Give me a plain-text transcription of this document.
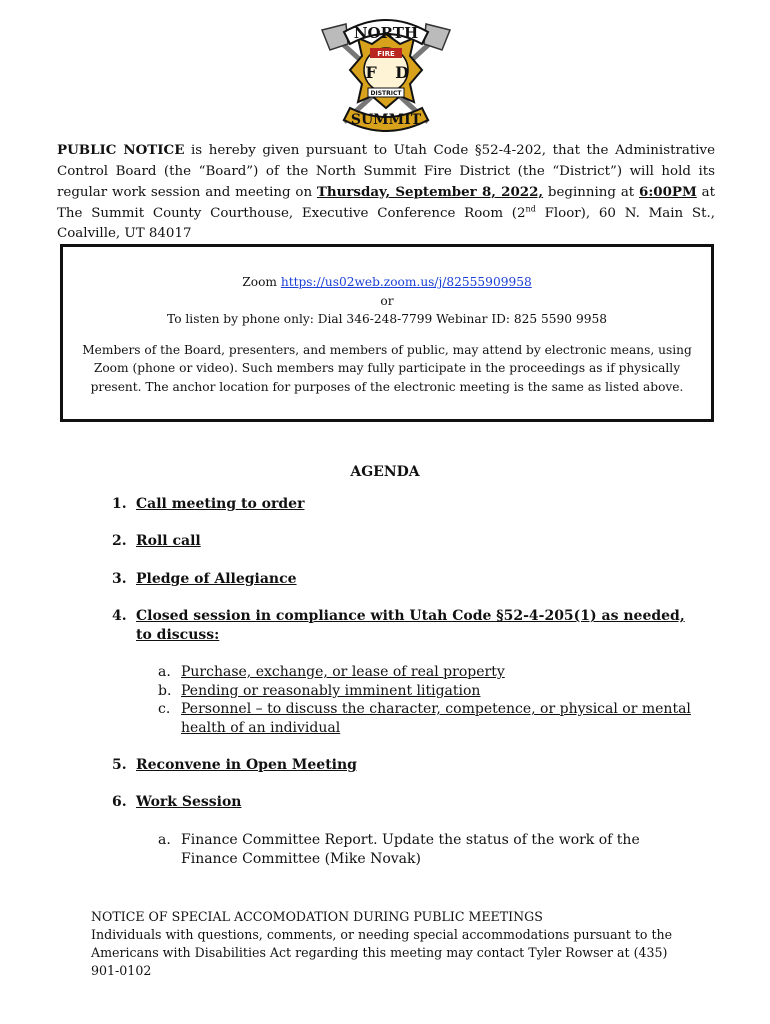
NORTH
FIRE
F D
DISTRICT
SUMMIT

PUBLIC NOTICE is hereby given pursuant to Utah Code §52-4-202, that the Administrative Control Board (the “Board”) of the North Summit Fire District (the “District”) will hold its regular work session and meeting on Thursday, September 8, 2022, beginning at 6:00PM at The Summit County Courthouse, Executive Conference Room (2nd Floor), 60 N. Main St., Coalville, UT 84017

Zoom https://us02web.zoom.us/j/82555909958
or
To listen by phone only: Dial 346-248-7799 Webinar ID: 825 5590 9958
Members of the Board, presenters, and members of public, may attend by electronic means, using Zoom (phone or video). Such members may fully participate in the proceedings as if physically present. The anchor location for purposes of the electronic meeting is the same as listed above.
AGENDA
1. Call meeting to order
2. Roll call
3. Pledge of Allegiance
4. Closed session in compliance with Utah Code §52-4-205(1) as needed, to discuss:
a. Purchase, exchange, or lease of real property
b. Pending or reasonably imminent litigation
c. Personnel – to discuss the character, competence, or physical or mental health of an individual
5. Reconvene in Open Meeting
6. Work Session
a. Finance Committee Report. Update the status of the work of the Finance Committee (Mike Novak)
NOTICE OF SPECIAL ACCOMODATION DURING PUBLIC MEETINGS
Individuals with questions, comments, or needing special accommodations pursuant to the Americans with Disabilities Act regarding this meeting may contact Tyler Rowser at (435) 901-0102
